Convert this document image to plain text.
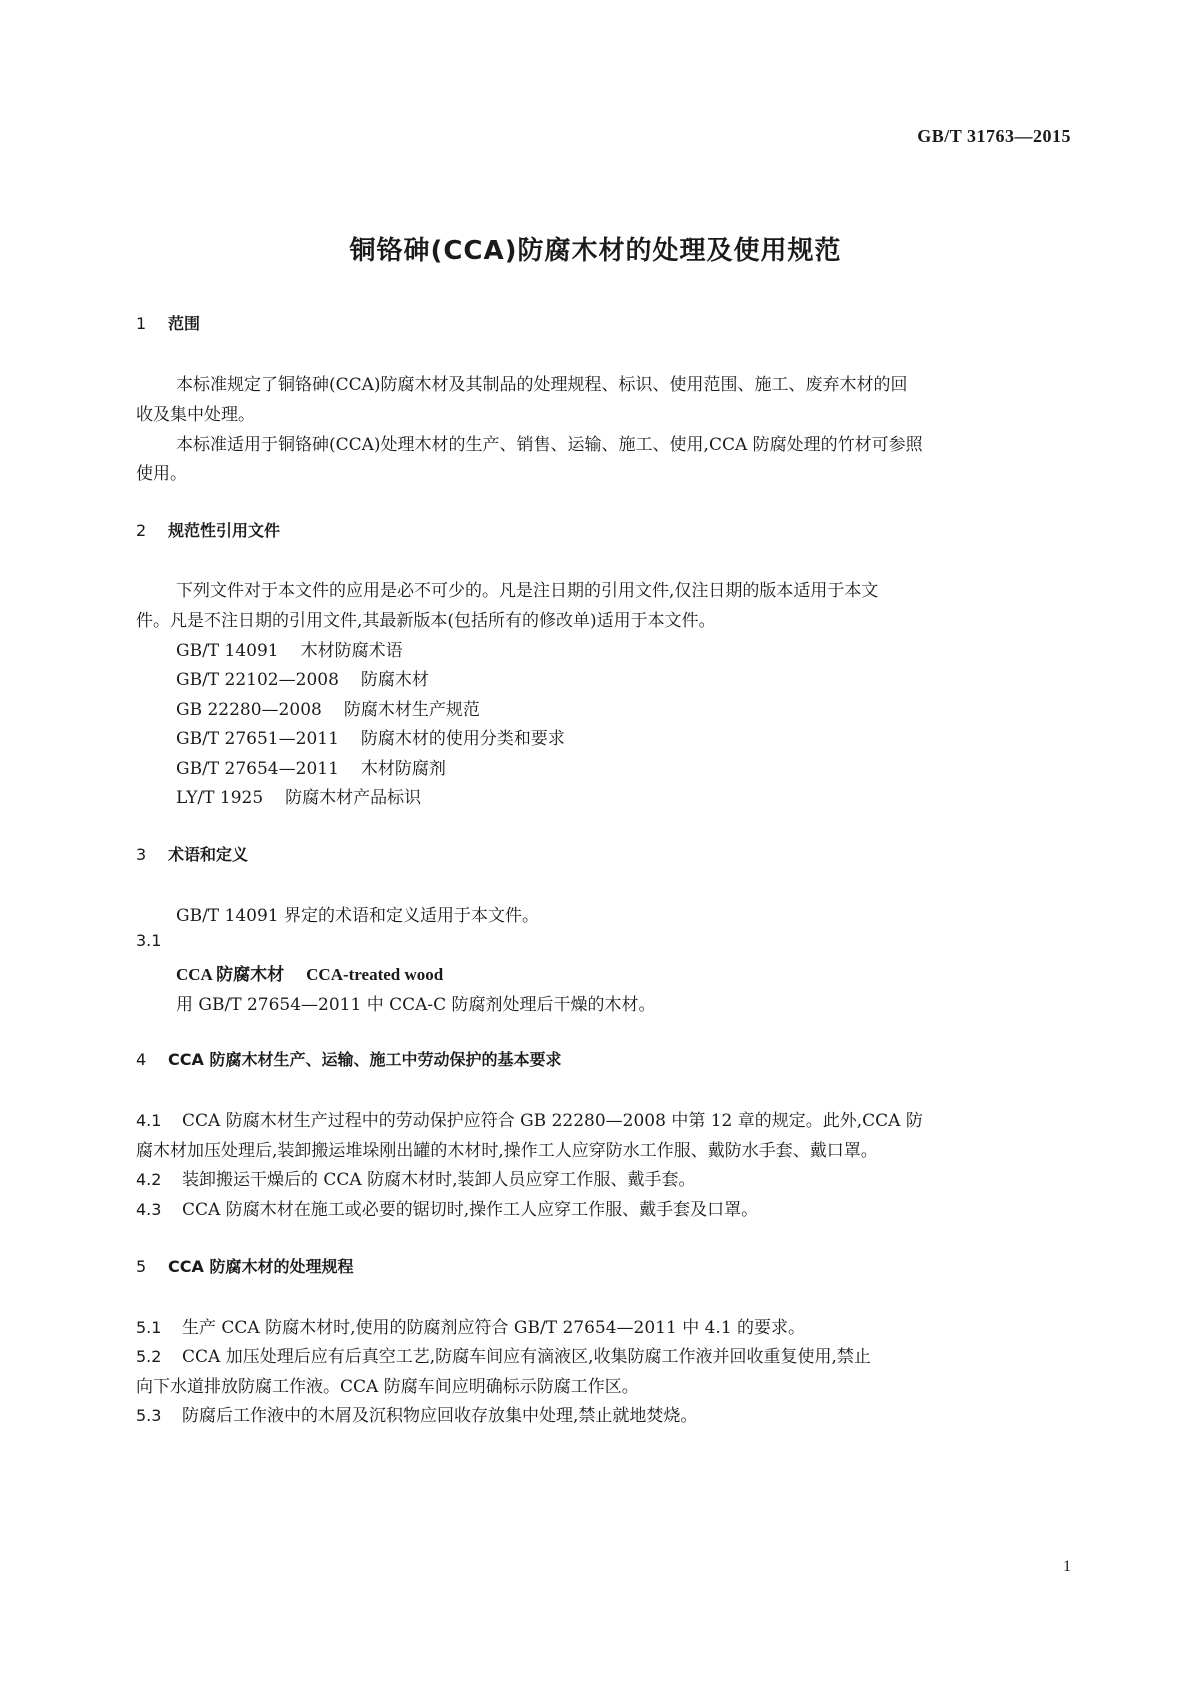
GB/T 31763—2015
铜铬砷(CCA)防腐木材的处理及使用规范
1 范围
本标准规定了铜铬砷(CCA)防腐木材及其制品的处理规程、标识、使用范围、施工、废弃木材的回
收及集中处理。
本标准适用于铜铬砷(CCA)处理木材的生产、销售、运输、施工、使用,CCA 防腐处理的竹材可参照
使用。
2 规范性引用文件
下列文件对于本文件的应用是必不可少的。凡是注日期的引用文件,仅注日期的版本适用于本文
件。凡是不注日期的引用文件,其最新版本(包括所有的修改单)适用于本文件。
GB/T 14091 木材防腐术语
GB/T 22102—2008 防腐木材
GB 22280—2008 防腐木材生产规范
GB/T 27651—2011 防腐木材的使用分类和要求
GB/T 27654—2011 木材防腐剂
LY/T 1925 防腐木材产品标识
3 术语和定义
GB/T 14091 界定的术语和定义适用于本文件。
3.1
CCA 防腐木材 CCA-treated wood
用 GB/T 27654—2011 中 CCA-C 防腐剂处理后干燥的木材。
4 CCA 防腐木材生产、运输、施工中劳动保护的基本要求
4.1 CCA 防腐木材生产过程中的劳动保护应符合 GB 22280—2008 中第 12 章的规定。此外,CCA 防
腐木材加压处理后,装卸搬运堆垛刚出罐的木材时,操作工人应穿防水工作服、戴防水手套、戴口罩。
4.2 装卸搬运干燥后的 CCA 防腐木材时,装卸人员应穿工作服、戴手套。
4.3 CCA 防腐木材在施工或必要的锯切时,操作工人应穿工作服、戴手套及口罩。
5 CCA 防腐木材的处理规程
5.1 生产 CCA 防腐木材时,使用的防腐剂应符合 GB/T 27654—2011 中 4.1 的要求。
5.2 CCA 加压处理后应有后真空工艺,防腐车间应有滴液区,收集防腐工作液并回收重复使用,禁止
向下水道排放防腐工作液。CCA 防腐车间应明确标示防腐工作区。
5.3 防腐后工作液中的木屑及沉积物应回收存放集中处理,禁止就地焚烧。
1
